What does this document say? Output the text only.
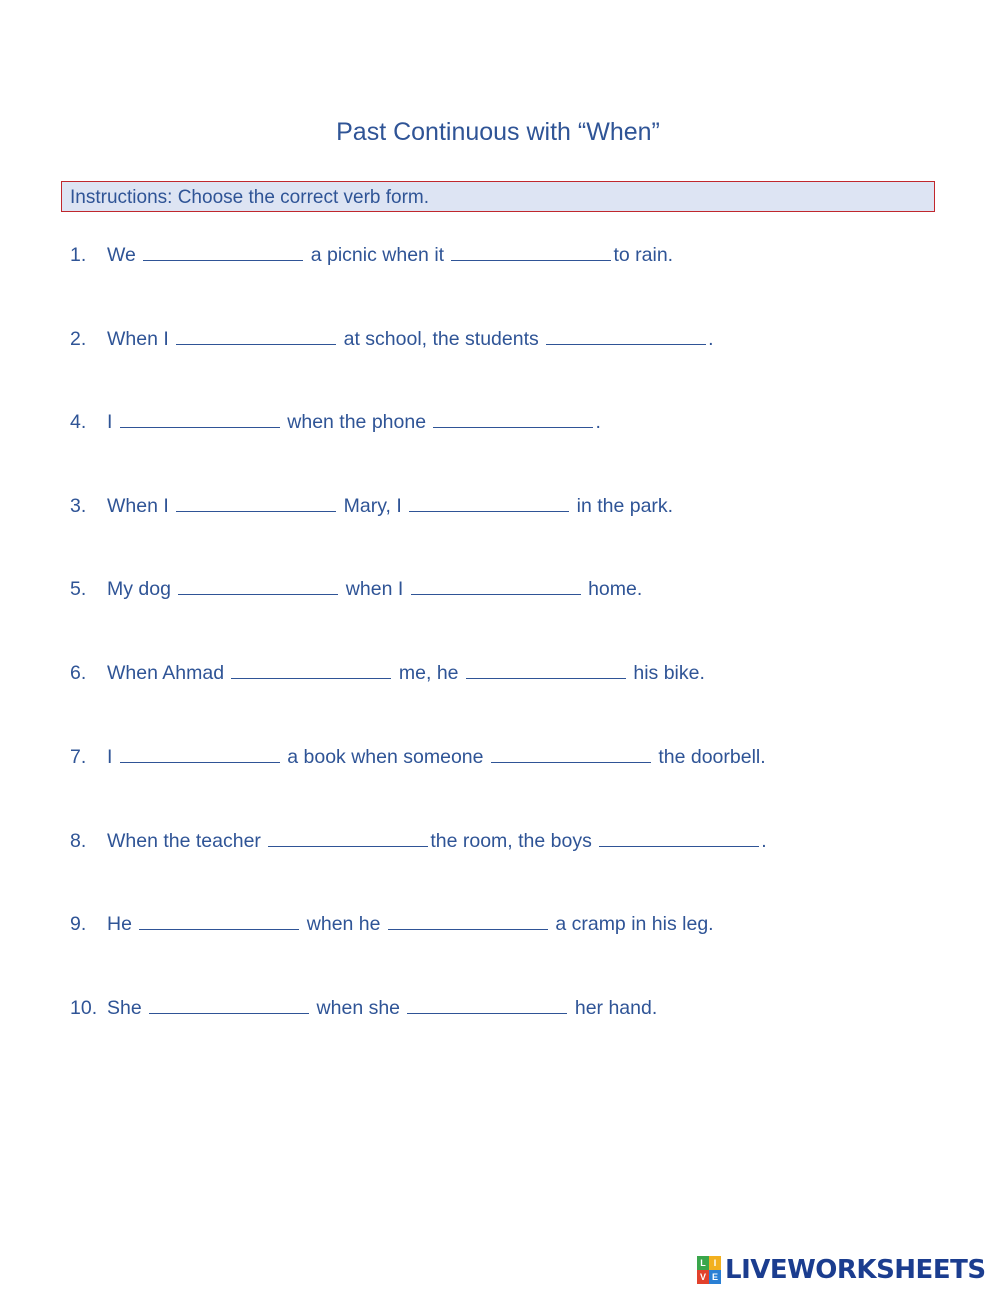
Past Continuous with “When”
Instructions: Choose the correct verb form.
1. We	a picnic when it	to rain.
2. When I	at school, the students	.
4. I	when the phone	.
3. When I	Mary, I	in the park.
5. My dog	when I	home.
6. When Ahmad	me, he	his bike.
7. I	a book when someone	the doorbell.
8. When the teacher	the room, the boys	.
9. He	when he	a cramp in his leg.
10. She	when she	her hand.
L I
V E LIVEWORKSHEETS
